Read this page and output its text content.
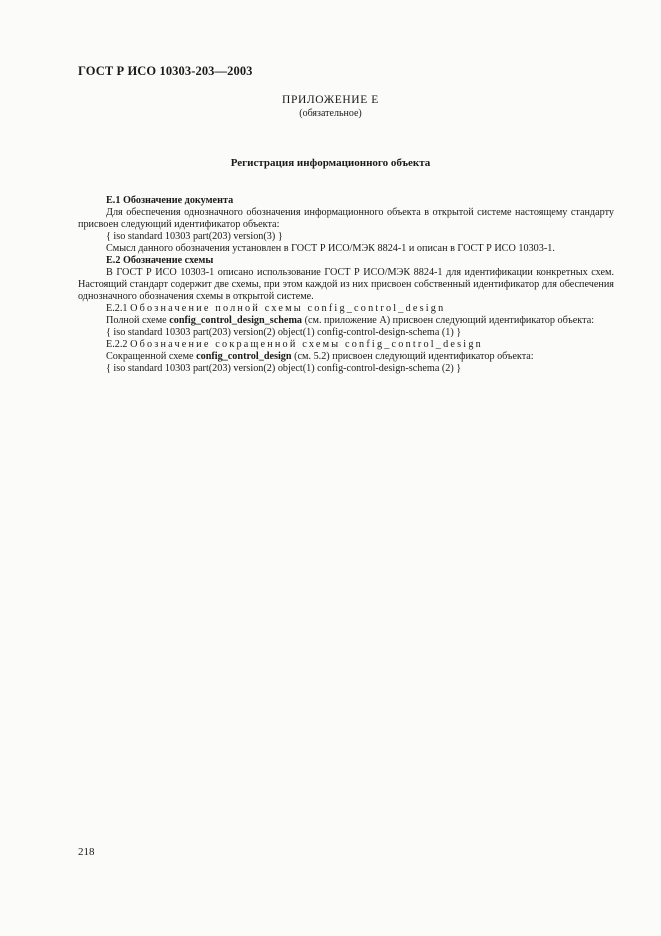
ГОСТ Р ИСО 10303-203—2003
ПРИЛОЖЕНИЕ Е
(обязательное)
Регистрация информационного объекта

Е.1 Обозначение документа

Для обеспечения однозначного обозначения информационного объекта в открытой системе настоящему стандарту присвоен следующий идентификатор объекта:

{ iso standard 10303 part(203) version(3) }

Смысл данного обозначения установлен в ГОСТ Р ИСО/МЭК 8824-1 и описан в ГОСТ Р ИСО 10303-1.

Е.2 Обозначение схемы

В ГОСТ Р ИСО 10303-1 описано использование ГОСТ Р ИСО/МЭК 8824-1 для идентификации конкретных схем. Настоящий стандарт содержит две схемы, при этом каждой из них присвоен собственный идентификатор для обеспечения однозначного обозначения схемы в открытой системе.

Е.2.1 Обозначение полной схемы config_control_design

Полной схеме config_control_design_schema (см. приложение А) присвоен следующий идентификатор объекта:

{ iso standard 10303 part(203) version(2) object(1) config-control-design-schema (1) }

Е.2.2 Обозначение сокращенной схемы config_control_design

Сокращенной схеме config_control_design (см. 5.2) присвоен следующий идентификатор объекта:

{ iso standard 10303 part(203) version(2) object(1) config-control-design-schema (2) }

218
